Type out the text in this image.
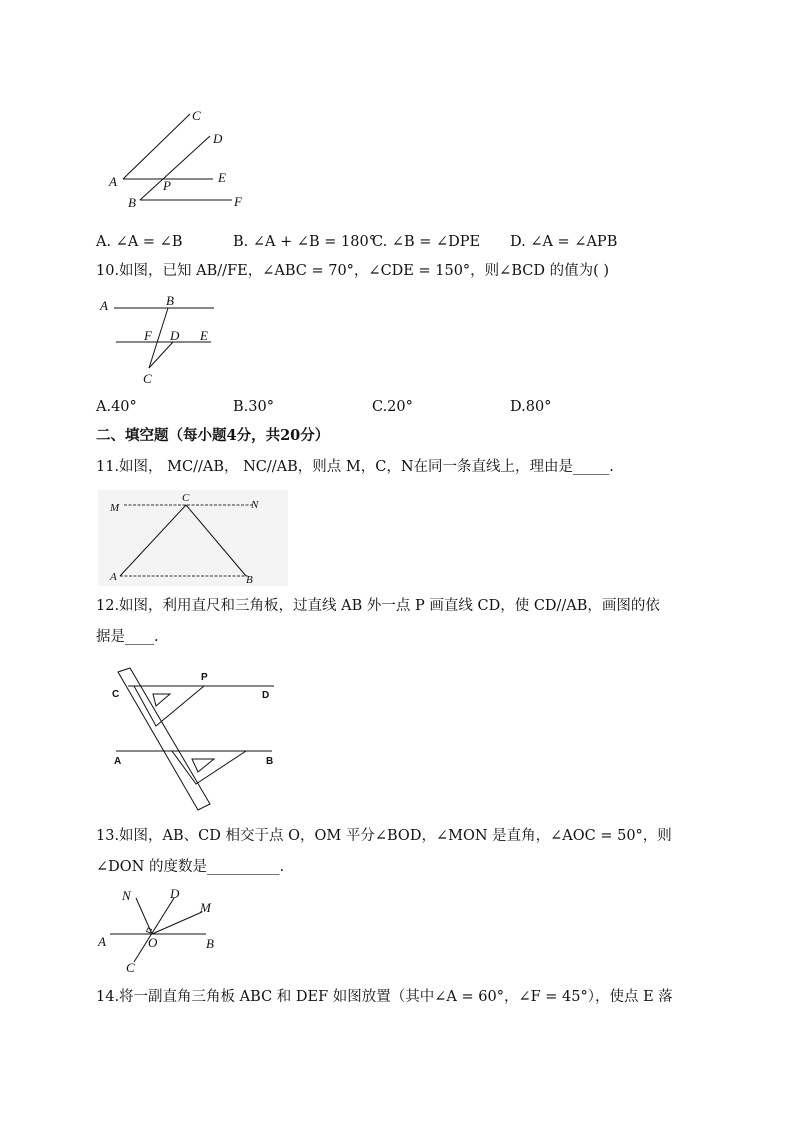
C
D
A	E
P
B	F
A. ∠A = ∠B	B. ∠A + ∠B = 180°
C. ∠B = ∠DPE D. ∠A = ∠APB
10.如图，已知 AB//FE，∠ABC = 70°，∠CDE = 150°，则∠BCD 的值为( )
A	B
F D E
C
A.40°	B.30°	C.20°	D.80°
二、填空题（每小题4分，共20分）
11.如图， MC//AB， NC//AB，则点 M，C，N在同一条直线上，理由是_____.
M
C
N
A	B
12.如图，利用直尺和三角板，过直线 AB 外一点 P 画直线 CD，使 CD//AB，画图的依
据是____.
C
P
D
A	B
13.如图，AB、CD 相交于点 O，OM 平分∠BOD，∠MON 是直角，∠AOC = 50°，则
∠DON 的度数是__________.
N	D
M
A	O	B
C
14.将一副直角三角板 ABC 和 DEF 如图放置（其中∠A = 60°，∠F = 45°），使点 E 落
